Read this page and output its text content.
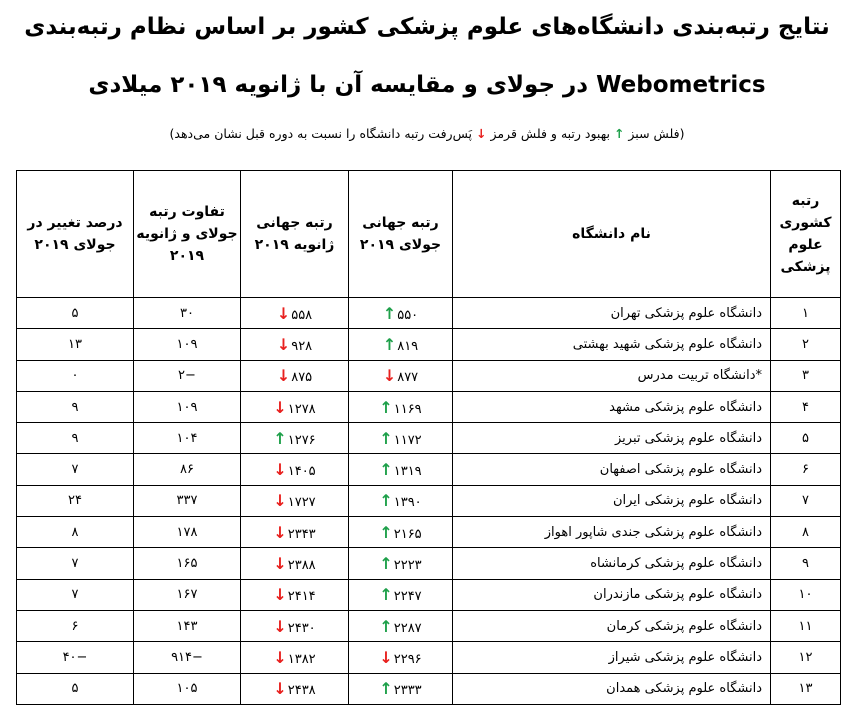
نتایج رتبه‌بندی دانشگاه‌های علوم پزشکی کشور بر اساس نظام رتبه‌بندی
Webometrics در جولای و مقایسه آن با ژانویه ۲۰۱۹ میلادی
(فلش سبز ↑ بهبود رتبه و فلش قرمز ↓ پَس‌رفت رتبه دانشگاه را نسبت به دوره قبل نشان می‌دهد)
رتبه کشوری علوم پزشکی	نام دانشگاه	رتبه جهانی جولای ۲۰۱۹	رتبه جهانی ژانویه ۲۰۱۹	تفاوت رتبه جولای و ژانویه ۲۰۱۹	درصد تغییر در جولای ۲۰۱۹
۱	دانشگاه علوم پزشکی تهران	↑۵۵۰	↓۵۵۸	۳۰	۵
۲	دانشگاه علوم پزشکی شهید بهشتی	↑۸۱۹	↓۹۲۸	۱۰۹	۱۳
۳	*دانشگاه تربیت مدرس	↓۸۷۷	↓۸۷۵	−۲	۰
۴	دانشگاه علوم پزشکی مشهد	↑۱۱۶۹	↓۱۲۷۸	۱۰۹	۹
۵	دانشگاه علوم پزشکی تبریز	↑۱۱۷۲	↑۱۲۷۶	۱۰۴	۹
۶	دانشگاه علوم پزشکی اصفهان	↑۱۳۱۹	↓۱۴۰۵	۸۶	۷
۷	دانشگاه علوم پزشکی ایران	↑۱۳۹۰	↓۱۷۲۷	۳۳۷	۲۴
۸	دانشگاه علوم پزشکی جندی شاپور اهواز	↑۲۱۶۵	↓۲۳۴۳	۱۷۸	۸
۹	دانشگاه علوم پزشکی کرمانشاه	↑۲۲۲۳	↓۲۳۸۸	۱۶۵	۷
۱۰	دانشگاه علوم پزشکی مازندران	↑۲۲۴۷	↓۲۴۱۴	۱۶۷	۷
۱۱	دانشگاه علوم پزشکی کرمان	↑۲۲۸۷	↓۲۴۳۰	۱۴۳	۶
۱۲	دانشگاه علوم پزشکی شیراز	↓۲۲۹۶	↓۱۳۸۲	−۹۱۴	−۴۰
۱۳	دانشگاه علوم پزشکی همدان	↑۲۳۳۳	↓۲۴۳۸	۱۰۵	۵
